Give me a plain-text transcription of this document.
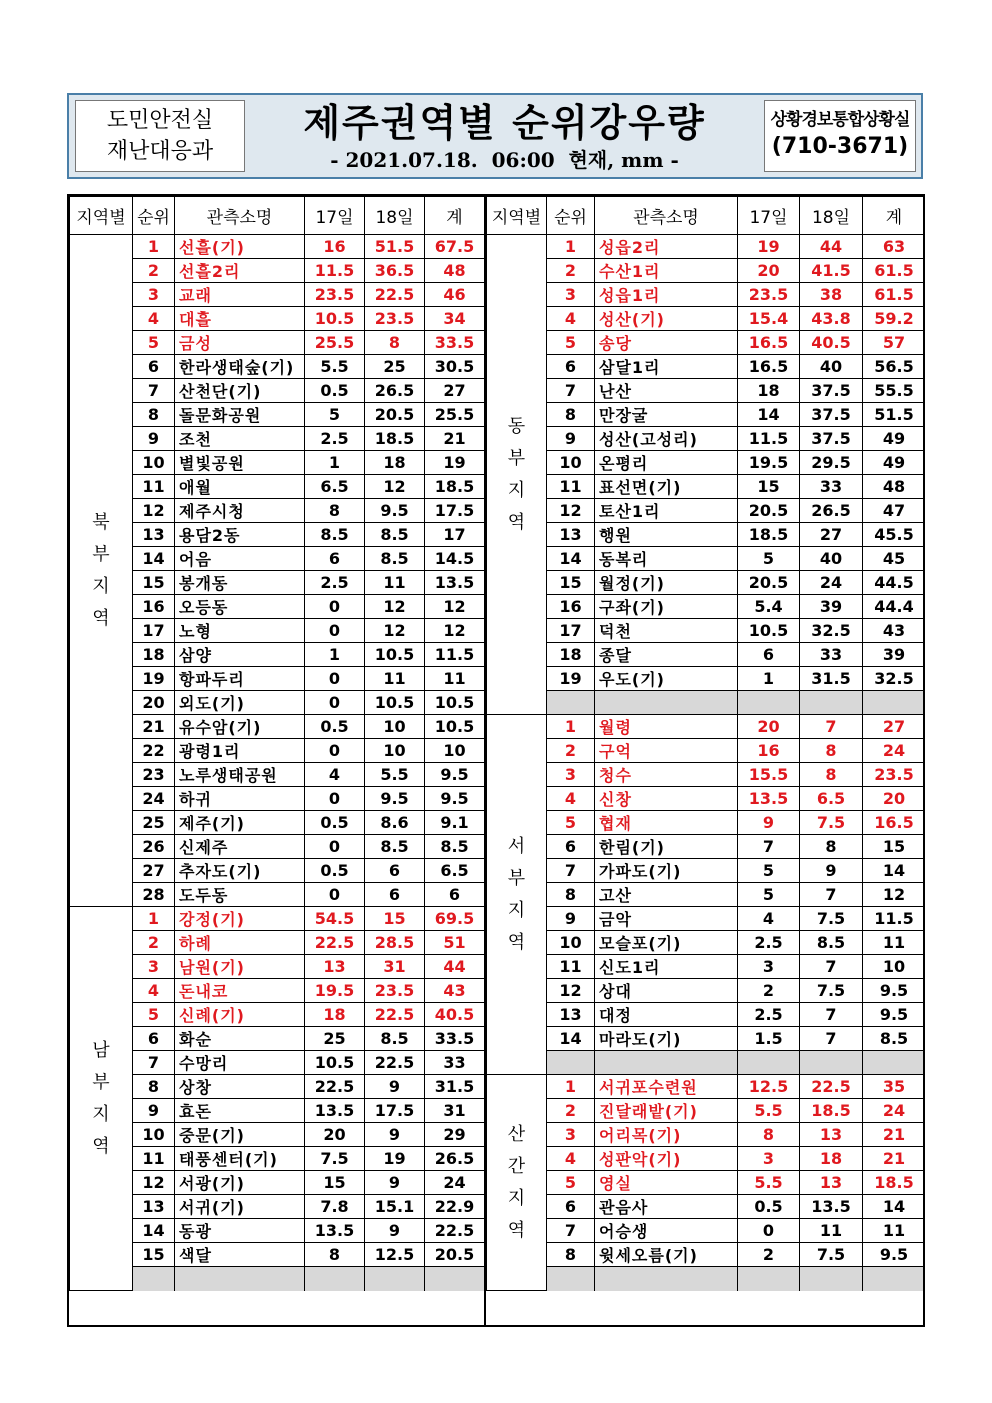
도민안전실
재난대응과
제주권역별 순위강우량
- 2021.07.18.  06:00  현재, mm -
상황경보통합상황실
(710-3671)
지역별	순위	관측소명	17일	18일	계
북부지역	1	선흘(기)	16	51.5	67.5
	2	선흘2리	11.5	36.5	48
	3	교래	23.5	22.5	46
	4	대흘	10.5	23.5	34
	5	금성	25.5	8	33.5
	6	한라생태숲(기)	5.5	25	30.5
	7	산천단(기)	0.5	26.5	27
	8	돌문화공원	5	20.5	25.5
	9	조천	2.5	18.5	21
	10	별빛공원	1	18	19
	11	애월	6.5	12	18.5
	12	제주시청	8	9.5	17.5
	13	용담2동	8.5	8.5	17
	14	어음	6	8.5	14.5
	15	봉개동	2.5	11	13.5
	16	오등동	0	12	12
	17	노형	0	12	12
	18	삼양	1	10.5	11.5
	19	항파두리	0	11	11
	20	외도(기)	0	10.5	10.5
	21	유수암(기)	0.5	10	10.5
	22	광령1리	0	10	10
	23	노루생태공원	4	5.5	9.5
	24	하귀	0	9.5	9.5
	25	제주(기)	0.5	8.6	9.1
	26	신제주	0	8.5	8.5
	27	추자도(기)	0.5	6	6.5
	28	도두동	0	6	6
남부지역	1	강정(기)	54.5	15	69.5
	2	하례	22.5	28.5	51
	3	남원(기)	13	31	44
	4	돈내코	19.5	23.5	43
	5	신례(기)	18	22.5	40.5
	6	화순	25	8.5	33.5
	7	수망리	10.5	22.5	33
	8	상창	22.5	9	31.5
	9	효돈	13.5	17.5	31
	10	중문(기)	20	9	29
	11	태풍센터(기)	7.5	19	26.5
	12	서광(기)	15	9	24
	13	서귀(기)	7.8	15.1	22.9
	14	동광	13.5	9	22.5
	15	색달	8	12.5	20.5

지역별	순위	관측소명	17일	18일	계
동부지역	1	성읍2리	19	44	63
	2	수산1리	20	41.5	61.5
	3	성읍1리	23.5	38	61.5
	4	성산(기)	15.4	43.8	59.2
	5	송당	16.5	40.5	57
	6	삼달1리	16.5	40	56.5
	7	난산	18	37.5	55.5
	8	만장굴	14	37.5	51.5
	9	성산(고성리)	11.5	37.5	49
	10	온평리	19.5	29.5	49
	11	표선면(기)	15	33	48
	12	토산1리	20.5	26.5	47
	13	행원	18.5	27	45.5
	14	동복리	5	40	45
	15	월정(기)	20.5	24	44.5
	16	구좌(기)	5.4	39	44.4
	17	덕천	10.5	32.5	43
	18	종달	6	33	39
	19	우도(기)	1	31.5	32.5

서부지역	1	월령	20	7	27
	2	구억	16	8	24
	3	청수	15.5	8	23.5
	4	신창	13.5	6.5	20
	5	협재	9	7.5	16.5
	6	한림(기)	7	8	15
	7	가파도(기)	5	9	14
	8	고산	5	7	12
	9	금악	4	7.5	11.5
	10	모슬포(기)	2.5	8.5	11
	11	신도1리	3	7	10
	12	상대	2	7.5	9.5
	13	대정	2.5	7	9.5
	14	마라도(기)	1.5	7	8.5

산간지역	1	서귀포수련원	12.5	22.5	35
	2	진달래밭(기)	5.5	18.5	24
	3	어리목(기)	8	13	21
	4	성판악(기)	3	18	21
	5	영실	5.5	13	18.5
	6	관음사	0.5	13.5	14
	7	어승생	0	11	11
	8	윗세오름(기)	2	7.5	9.5
